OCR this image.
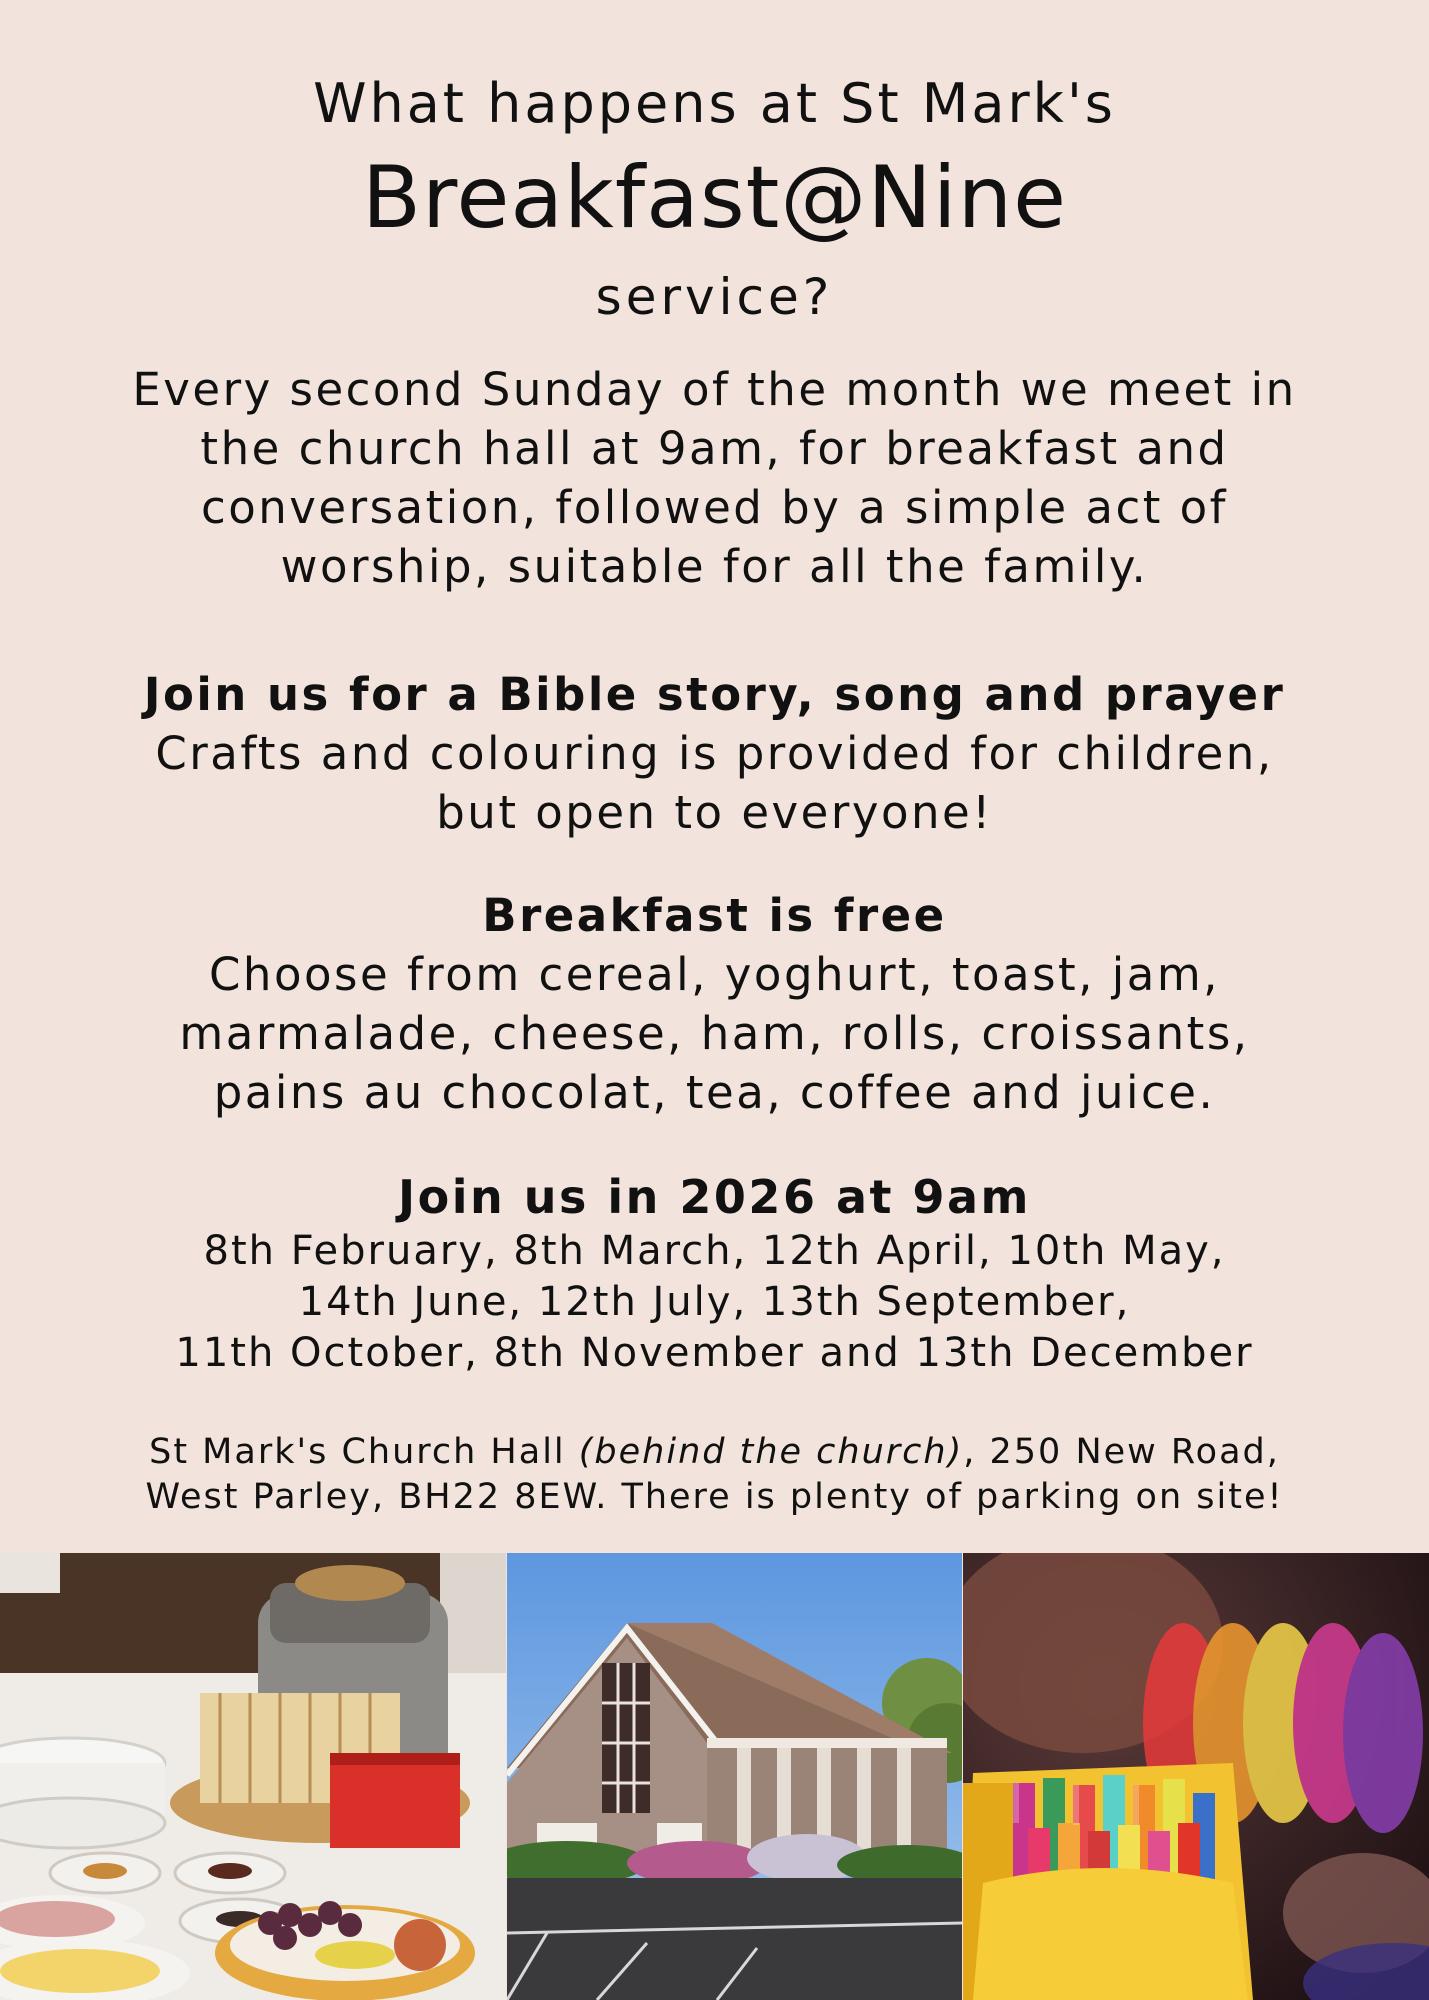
What happens at St Mark's
Breakfast@Nine
service?
Every second Sunday of the month we meet in
the church hall at 9am, for breakfast and
conversation, followed by a simple act of
worship, suitable for all the family.
Join us for a Bible story, song and prayer
Crafts and colouring is provided for children,
but open to everyone!
Breakfast is free
Choose from cereal, yoghurt, toast, jam,
marmalade, cheese, ham, rolls, croissants,
pains au chocolat, tea, coffee and juice.
Join us in 2026 at 9am
8th February, 8th March, 12th April, 10th May,
14th June, 12th July, 13th September,
11th October, 8th November and 13th December
St Mark's Church Hall (behind the church), 250 New Road,
West Parley, BH22 8EW. There is plenty of parking on site!
